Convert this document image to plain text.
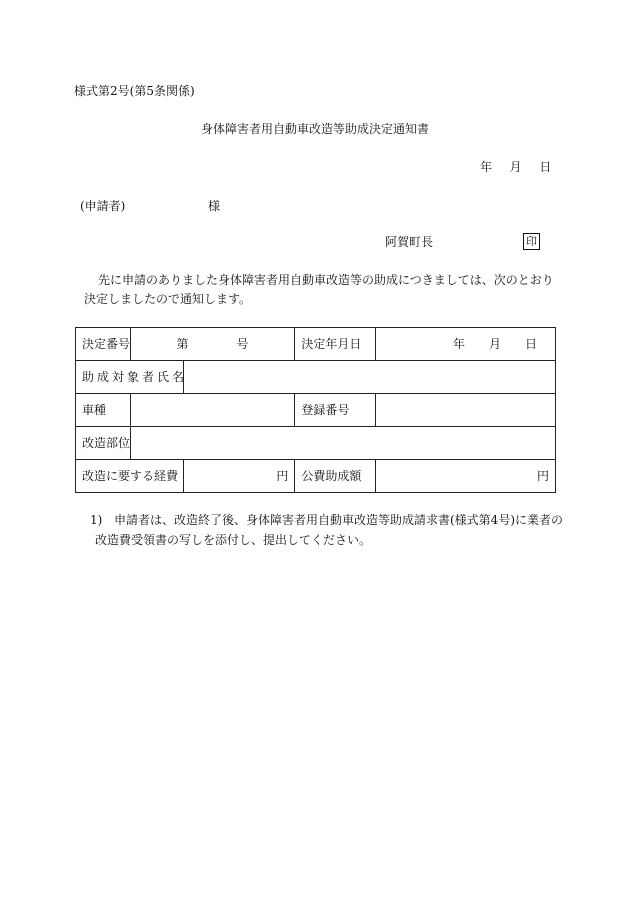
様式第2号(第5条関係)
身体障害者用自動車改造等助成決定通知書
年 月 日
(申請者)	様
阿賀町長	印
先に申請のありました身体障害者用自動車改造等の助成につきましては、次のとおり
決定しましたので通知します。
決定番号	第　　　　号		決定年月日	年　　月　　日
助成対象者氏名				
車種			登録番号	
改造部位				
改造に要する経費		円	公費助成額	円
1) 申請者は、改造終了後、身体障害者用自動車改造等助成請求書(様式第4号)に業者の
改造費受領書の写しを添付し、提出してください。
